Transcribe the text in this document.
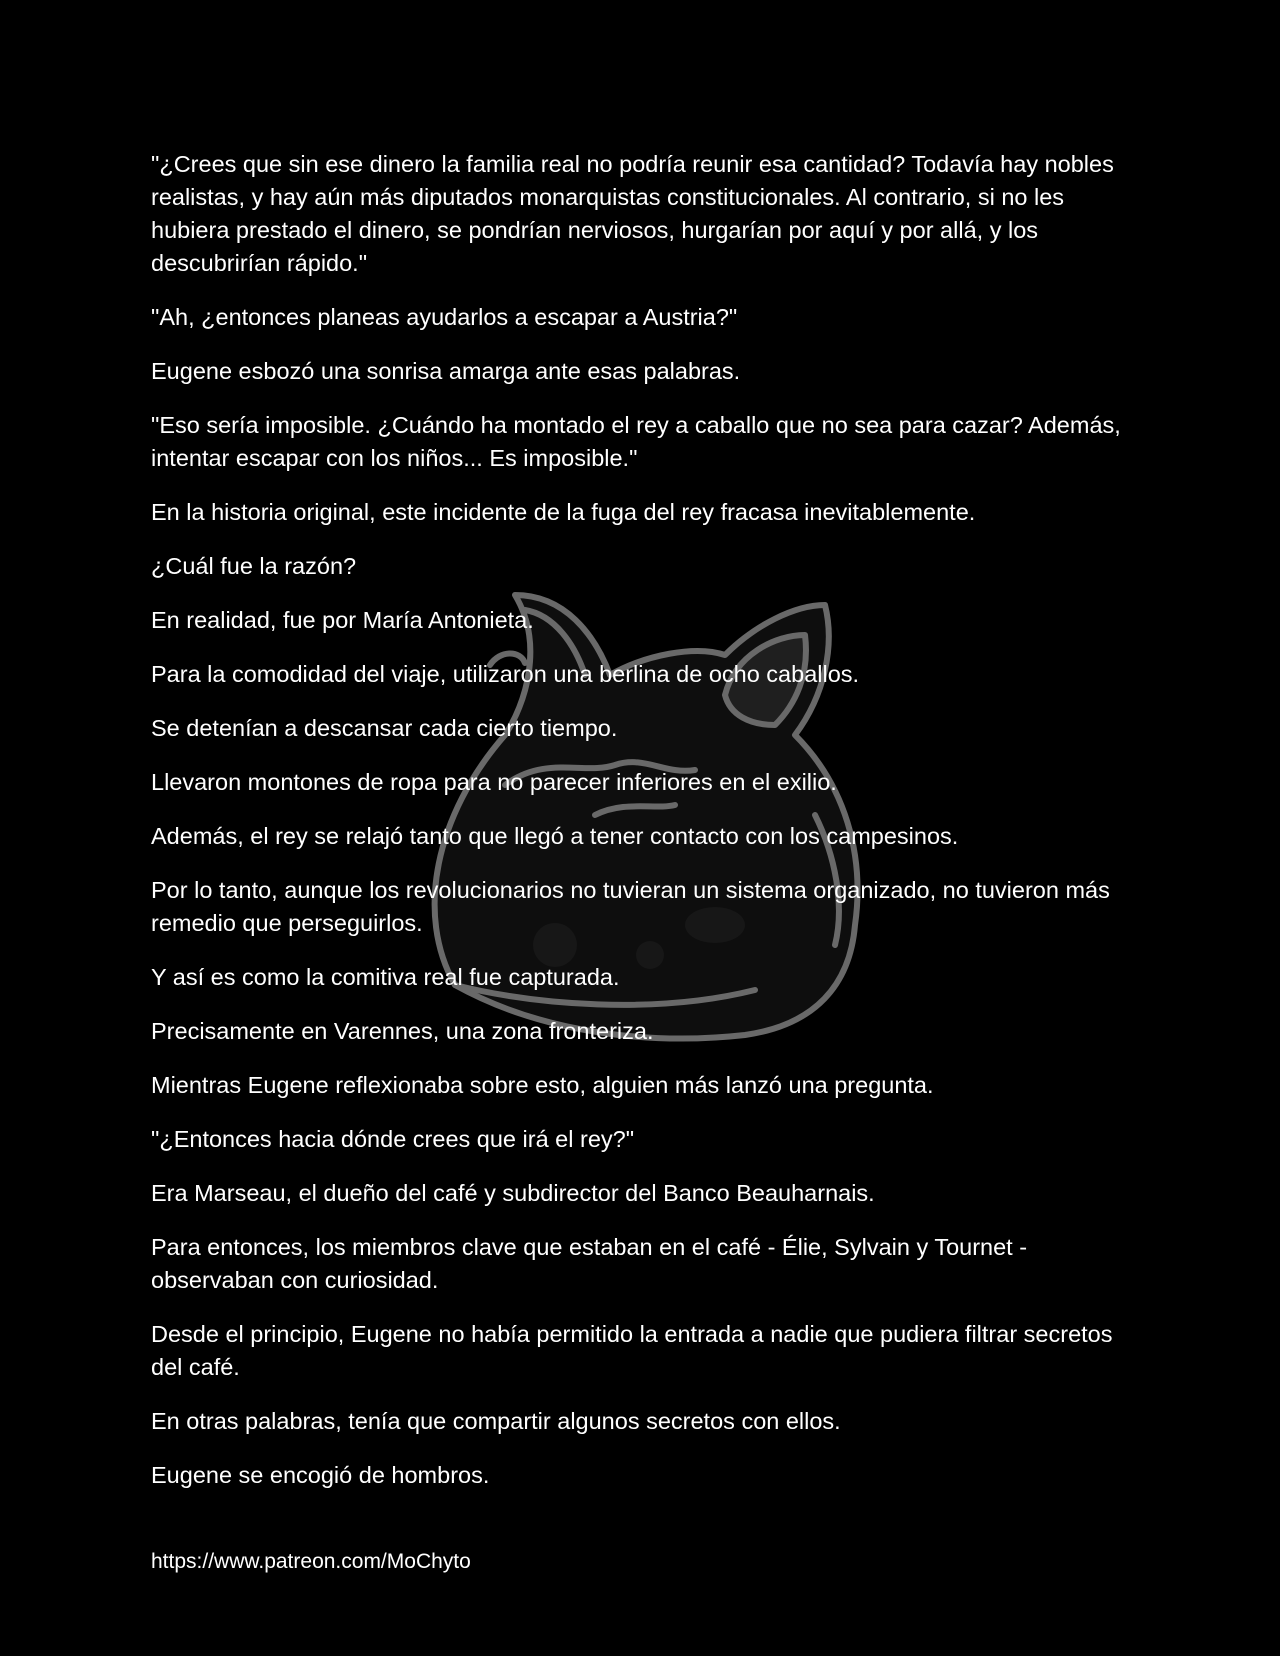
"¿Crees que sin ese dinero la familia real no podría reunir esa cantidad? Todavía hay nobles realistas, y hay aún más diputados monarquistas constitucionales. Al contrario, si no les hubiera prestado el dinero, se pondrían nerviosos, hurgarían por aquí y por allá, y los descubrirían rápido."

"Ah, ¿entonces planeas ayudarlos a escapar a Austria?"

Eugene esbozó una sonrisa amarga ante esas palabras.

"Eso sería imposible. ¿Cuándo ha montado el rey a caballo que no sea para cazar? Además, intentar escapar con los niños... Es imposible."

En la historia original, este incidente de la fuga del rey fracasa inevitablemente.

¿Cuál fue la razón?

En realidad, fue por María Antonieta.

Para la comodidad del viaje, utilizaron una berlina de ocho caballos.

Se detenían a descansar cada cierto tiempo.

Llevaron montones de ropa para no parecer inferiores en el exilio.

Además, el rey se relajó tanto que llegó a tener contacto con los campesinos.

Por lo tanto, aunque los revolucionarios no tuvieran un sistema organizado, no tuvieron más remedio que perseguirlos.

Y así es como la comitiva real fue capturada.

Precisamente en Varennes, una zona fronteriza.

Mientras Eugene reflexionaba sobre esto, alguien más lanzó una pregunta.

"¿Entonces hacia dónde crees que irá el rey?"

Era Marseau, el dueño del café y subdirector del Banco Beauharnais.

Para entonces, los miembros clave que estaban en el café - Élie, Sylvain y Tournet - observaban con curiosidad.

Desde el principio, Eugene no había permitido la entrada a nadie que pudiera filtrar secretos del café.

En otras palabras, tenía que compartir algunos secretos con ellos.

Eugene se encogió de hombros.

https://www.patreon.com/MoChyto
